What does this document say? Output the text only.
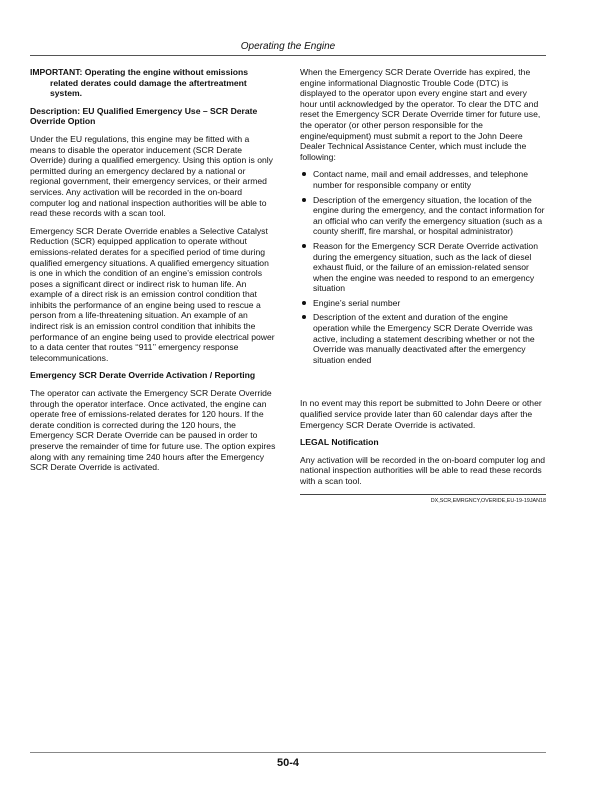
Operating the Engine

IMPORTANT: Operating the engine without emissions related derates could damage the aftertreatment system.

Description: EU Qualified Emergency Use – SCR Derate Override Option

Under the EU regulations, this engine may be fitted with a means to disable the operator inducement (SCR Derate Override) during a qualified emergency. Using this option is only permitted during an emergency declared by a national or regional government, their emergency services, or their armed services. Any activation will be recorded in the on-board computer log and national inspection authorities will be able to read these records with a scan tool.

Emergency SCR Derate Override enables a Selective Catalyst Reduction (SCR) equipped application to operate without emissions-related derates for a specified period of time during qualified emergency situations. A qualified emergency situation is one in which the condition of an engine’s emission controls poses a significant direct or indirect risk to human life. An example of a direct risk is an emission control condition that inhibits the performance of an engine being used to rescue a person from a life-threatening situation. An example of an indirect risk is an emission control condition that inhibits the performance of an engine being used to provide electrical power to a data center that routes ‘‘911’’ emergency response telecommunications.

Emergency SCR Derate Override Activation / Reporting

The operator can activate the Emergency SCR Derate Override through the operator interface. Once activated, the engine can operate free of emissions-related derates for 120 hours. If the derate condition is corrected during the 120 hours, the Emergency SCR Derate Override can be paused in order to preserve the remainder of time for future use. The option expires along with any remaining time 240 hours after the Emergency SCR Derate Override is activated.

When the Emergency SCR Derate Override has expired, the engine informational Diagnostic Trouble Code (DTC) is displayed to the operator upon every engine start and every hour until acknowledged by the operator. To clear the DTC and reset the Emergency SCR Derate Override timer for future use, the operator (or other person responsible for the engine/equipment) must submit a report to the John Deere Dealer Technical Assistance Center, which must include the following:

Contact name, mail and email addresses, and telephone number for responsible company or entity
Description of the emergency situation, the location of the engine during the emergency, and the contact information for an official who can verify the emergency situation (such as a county sheriff, fire marshal, or hospital administrator)
Reason for the Emergency SCR Derate Override activation during the emergency situation, such as the lack of diesel exhaust fluid, or the failure of an emission-related sensor when the engine was needed to respond to an emergency situation
Engine’s serial number
Description of the extent and duration of the engine operation while the Emergency SCR Derate Override was active, including a statement describing whether or not the Override was manually deactivated after the emergency situation ended

In no event may this report be submitted to John Deere or other qualified service provide later than 60 calendar days after the Emergency SCR Derate Override is activated.

LEGAL Notification

Any activation will be recorded in the on-board computer log and national inspection authorities will be able to read these records with a scan tool.

DX,SCR,EMRGNCY,OVERIDE,EU-19-19JAN18
50-4
